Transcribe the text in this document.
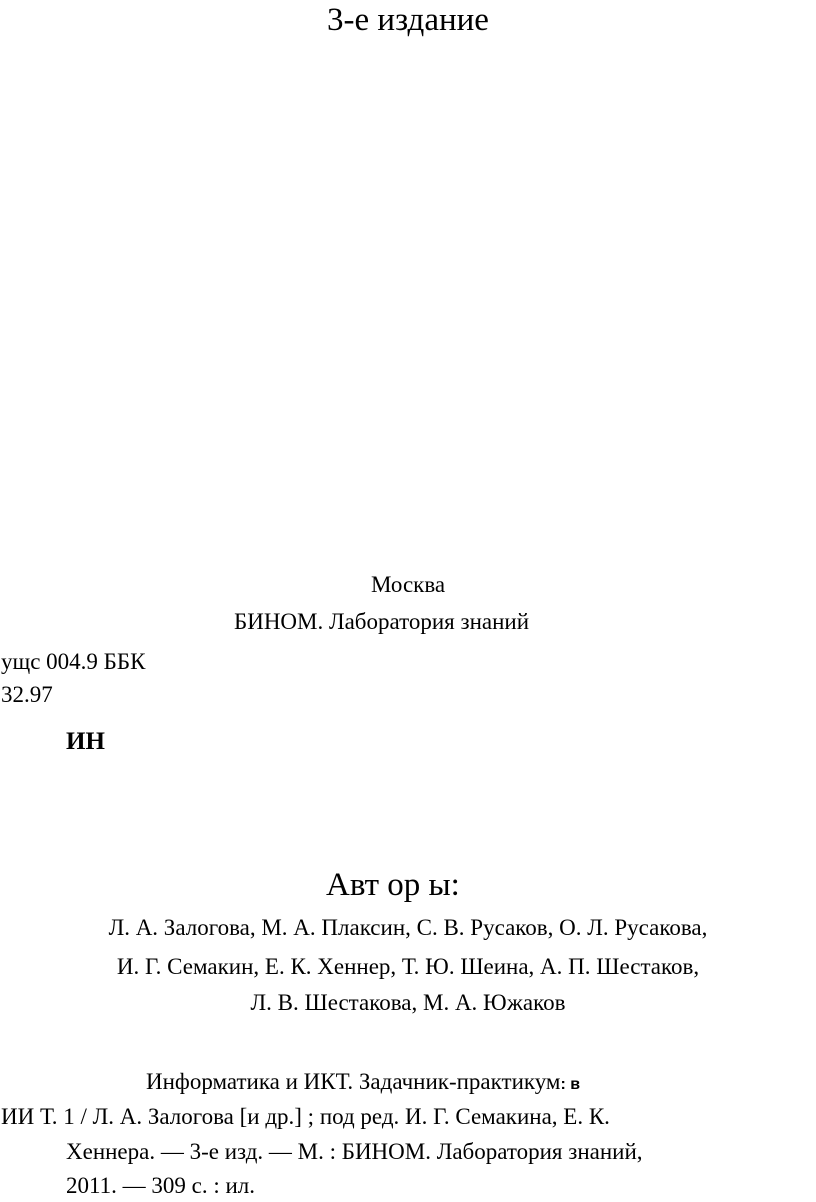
3-е издание
Москва
БИНОМ. Лаборатория знаний
ущс 004.9 ББК
32.97
ИН
Авт ор ы:
Л. А. Залогова, М. А. Плаксин, С. В. Русаков, О. Л. Русакова,
И. Г. Семакин, Е. К. Хеннер, Т. Ю. Шеина, А. П. Шестаков,
Л. В. Шестакова, М. А. Южаков
Информатика и ИКТ. Задачник-практикум: в
ИИ Т. 1 / Л. А. Залогова [и др.] ; под ред. И. Г. Семакина, Е. К.
Хеннера. — 3-е изд. — М. : БИНОМ. Лаборатория знаний,
2011. — 309 с. : ил.
